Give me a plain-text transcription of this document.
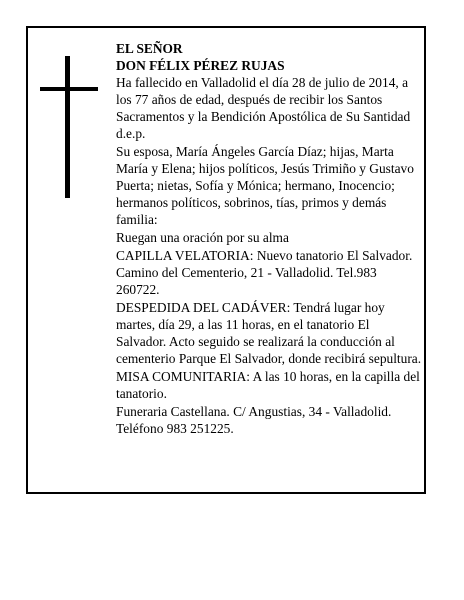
EL SEÑOR

DON FÉLIX PÉREZ RUJAS

Ha fallecido en Valladolid el día 28 de julio de 2014, a los 77 años de edad, después de recibir los Santos Sacramentos y la Bendición Apostólica de Su Santidad d.e.p.

Su esposa, María Ángeles García Díaz; hijas, Marta María y Elena; hijos políticos, Jesús Trimiño y Gustavo Puerta; nietas, Sofía y Mónica; hermano, Inocencio; hermanos políticos, sobrinos, tías, primos y demás familia:

Ruegan una oración por su alma

CAPILLA VELATORIA: Nuevo tanatorio El Salvador. Camino del Cementerio, 21 - Valladolid. Tel.983 260722.

DESPEDIDA DEL CADÁVER: Tendrá lugar hoy martes, día 29, a las 11 horas, en el tanatorio El Salvador. Acto seguido se realizará la conducción al cementerio Parque El Salvador, donde recibirá sepultura.

MISA COMUNITARIA: A las 10 horas, en la capilla del tanatorio.

Funeraria Castellana. C/ Angustias, 34 - Valladolid. Teléfono 983 251225.
